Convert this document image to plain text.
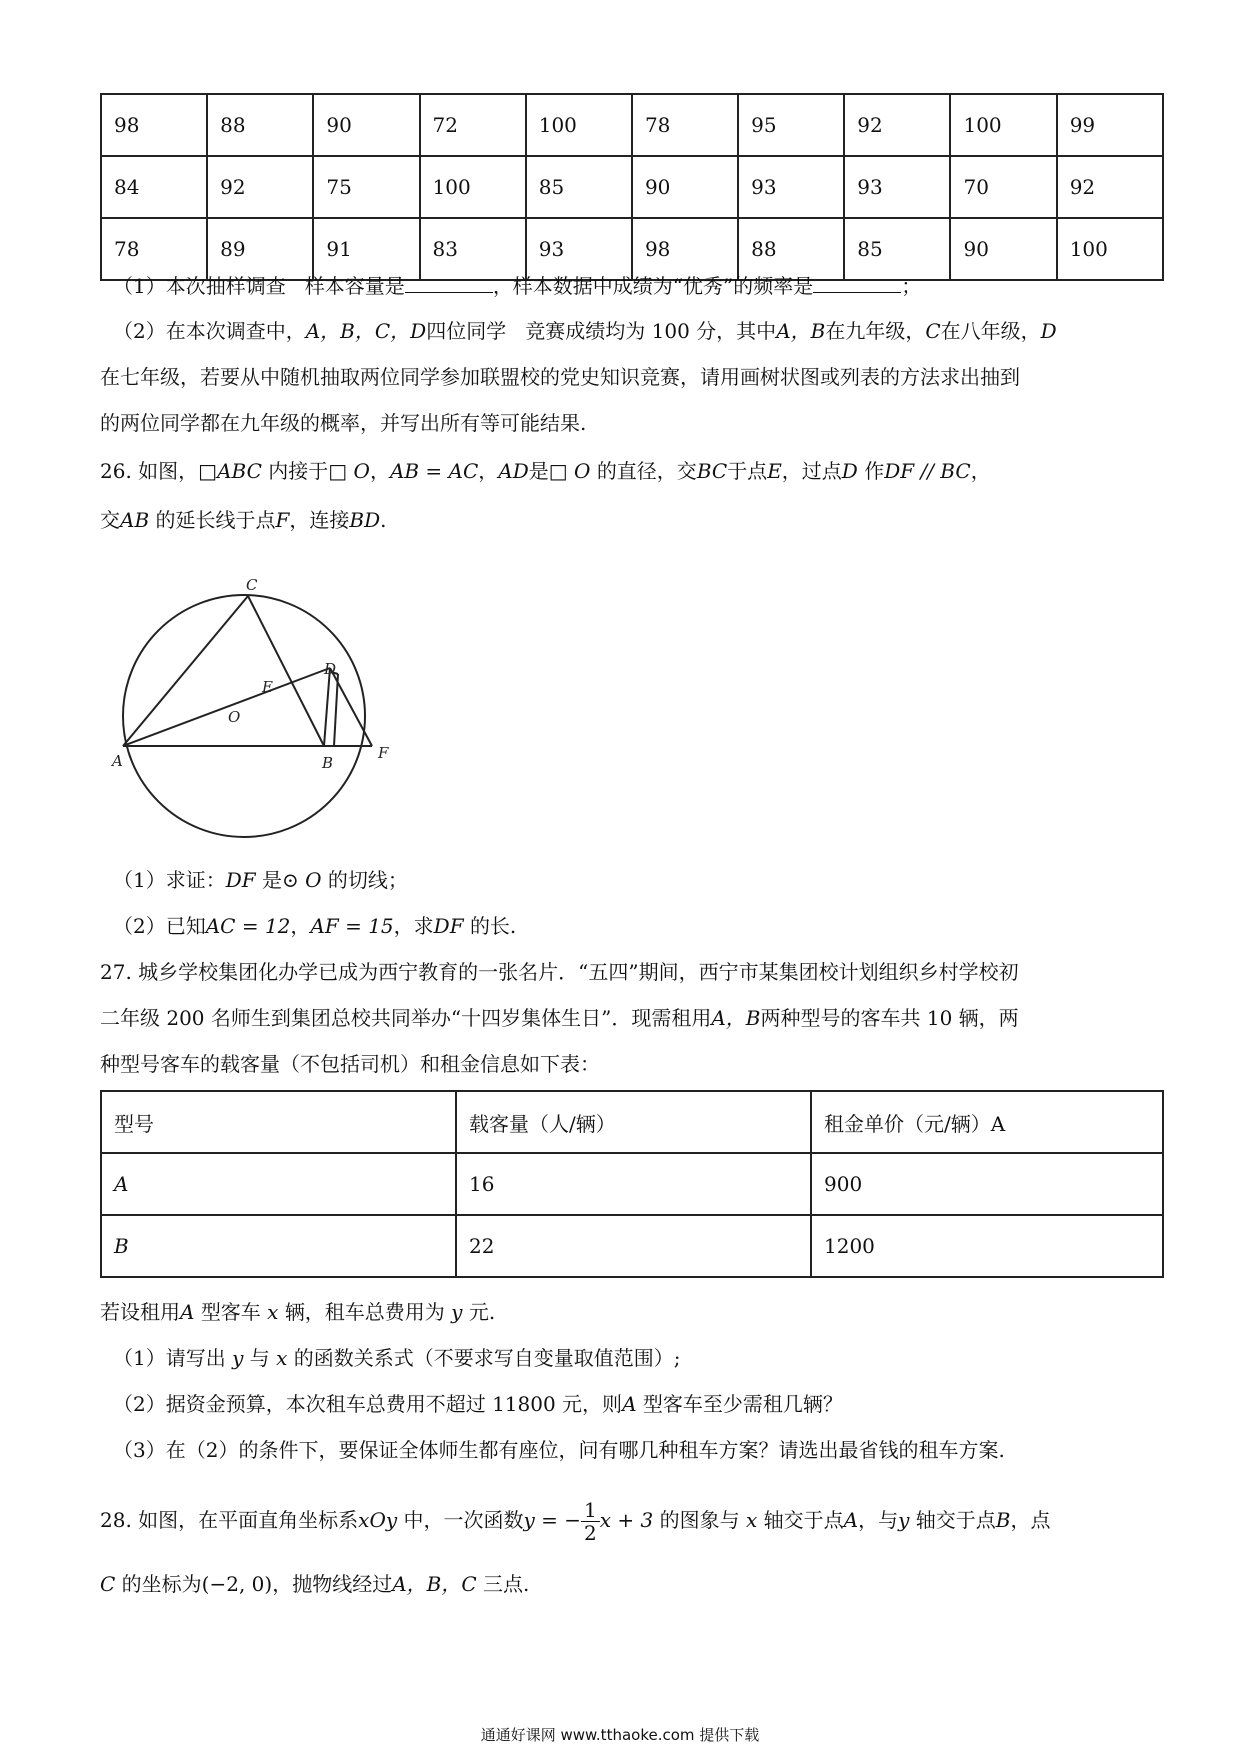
98	88	90	72	100	78	95	92	100	99
84	92	75	100	85	90	93	93	70	92
78	89	91	83	93	98	88	85	90	100
（1）本次抽样调查 样本容量是	，样本数据中成绩为“优秀”的频率是	；
（2）在本次调查中，A，B，C，D四位同学 竞赛成绩均为 100 分，其中A，B在九年级，C在八年级，D
在七年级，若要从中随机抽取两位同学参加联盟校的党史知识竞赛，请用画树状图或列表的方法求出抽到
的两位同学都在九年级的概率，并写出所有等可能结果.
26. 如图，□ABC 内接于□ O，AB = AC，AD是□ O 的直径，交BC于点E，过点D 作DF // BC，
交AB 的延长线于点F，连接BD.
C
D
E
O
A	B
F
（1）求证：DF 是⊙ O 的切线；
（2）已知AC = 12，AF = 15，求DF 的长.
27. 城乡学校集团化办学已成为西宁教育的一张名片．“五四”期间，西宁市某集团校计划组织乡村学校初
二年级 200 名师生到集团总校共同举办“十四岁集体生日”．现需租用A，B两种型号的客车共 10 辆，两
种型号客车的载客量（不包括司机）和租金信息如下表：
型号	载客量（人/辆）	租金单价（元/辆）A
A	16	900
B	22	1200
若设租用A 型客车 x 辆，租车总费用为 y 元.
（1）请写出 y 与 x 的函数关系式（不要求写自变量取值范围）;
（2）据资金预算，本次租车总费用不超过 11800 元，则A 型客车至少需租几辆？
（3）在（2）的条件下，要保证全体师生都有座位，问有哪几种租车方案？请选出最省钱的租车方案.
28. 如图，在平面直角坐标系xOy 中，一次函数y = − $\frac{1}{2}$ x + 3 的图象与 x 轴交于点A，与y 轴交于点B，点
C 的坐标为(−2, 0)，抛物线经过A，B，C 三点.
通通好课网 www.tthaoke.com 提供下载
